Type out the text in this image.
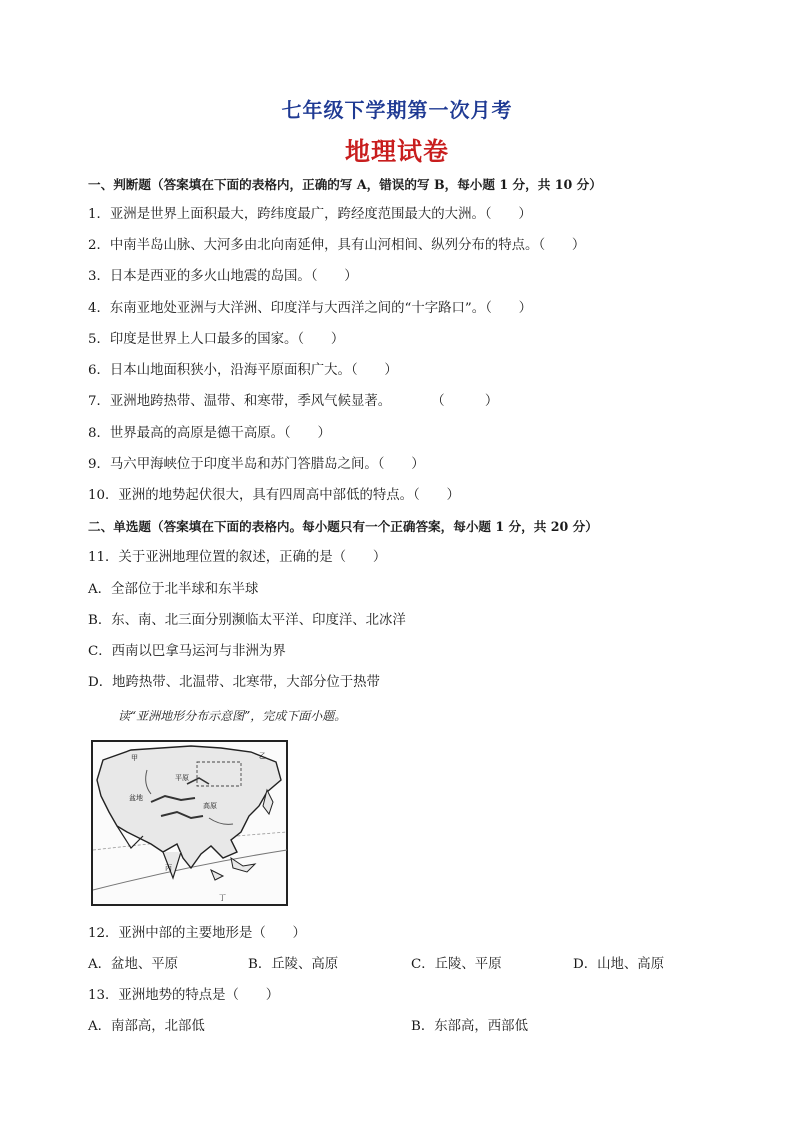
七年级下学期第一次月考
地理试卷
一、判断题（答案填在下面的表格内，正确的写 A，错误的写 B，每小题 1 分，共 10 分）
1．亚洲是世界上面积最大，跨纬度最广，跨经度范围最大的大洲。（　　）
2．中南半岛山脉、大河多由北向南延伸，具有山河相间、纵列分布的特点。（　　）
3．日本是西亚的多火山地震的岛国。（　　）
4．东南亚地处亚洲与大洋洲、印度洋与大西洋之间的“十字路口”。（　　）
5．印度是世界上人口最多的国家。（　　）
6．日本山地面积狭小，沿海平原面积广大。（　　）
7．亚洲地跨热带、温带、和寒带，季风气候显著。　　　　（　　　）
8．世界最高的高原是德干高原。（　　）
9．马六甲海峡位于印度半岛和苏门答腊岛之间。（　　）
10．亚洲的地势起伏很大，具有四周高中部低的特点。（　　）
二、单选题（答案填在下面的表格内。每小题只有一个正确答案，每小题 1 分，共 20 分）
11．关于亚洲地理位置的叙述，正确的是（　　）
A．全部位于北半球和东半球
B．东、南、北三面分别濒临太平洋、印度洋、北冰洋
C．西南以巴拿马运河与非洲为界
D．地跨热带、北温带、北寒带，大部分位于热带
读“亚洲地形分布示意图”，完成下面小题。
甲	乙
丙
丁
平原
高原
盆地
12．亚洲中部的主要地形是（　　）
A．盆地、平原	B．丘陵、高原	C．丘陵、平原	D．山地、高原
13．亚洲地势的特点是（　　）
A．南部高，北部低	B．东部高，西部低
